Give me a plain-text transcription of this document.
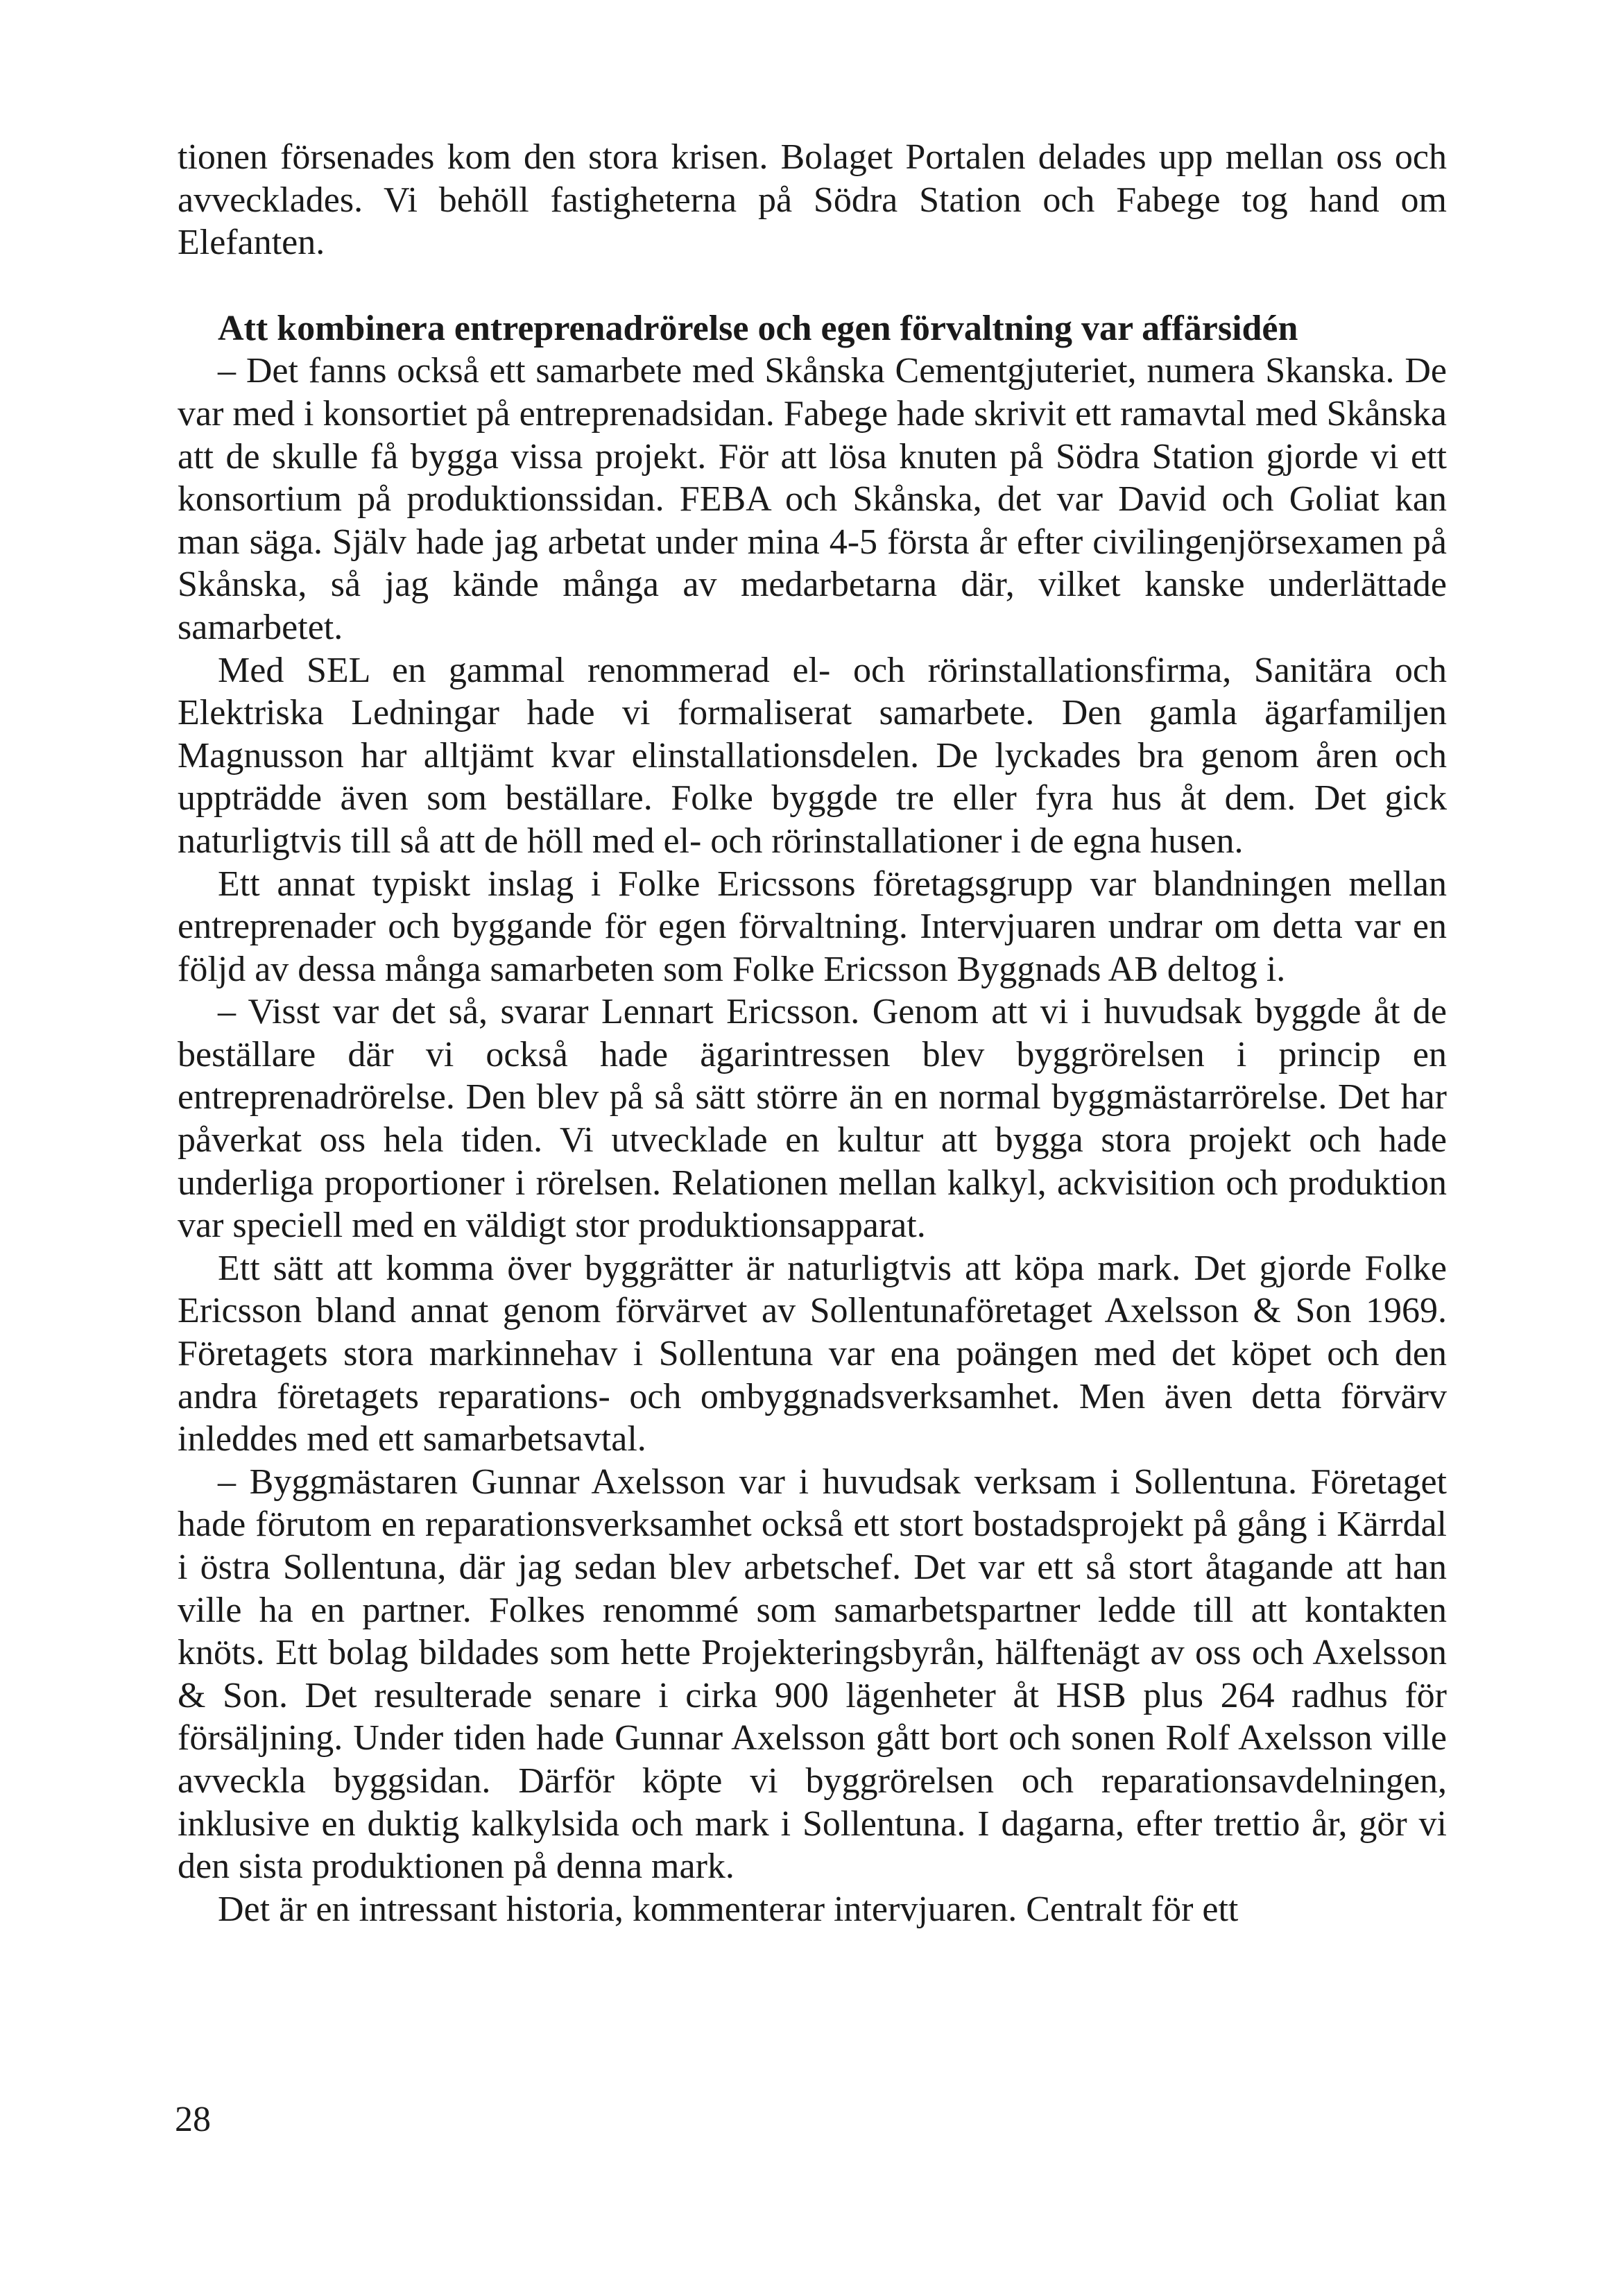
tionen försenades kom den stora krisen. Bolaget Portalen delades upp mellan oss och avvecklades. Vi behöll fastigheterna på Södra Station och Fabege tog hand om Elefanten.

Att kombinera entreprenadrörelse och egen förvaltning var affärsidén

– Det fanns också ett samarbete med Skånska Cementgjuteriet, numera Skanska. De var med i konsortiet på entreprenadsidan. Fabege hade skrivit ett ramavtal med Skånska att de skulle få bygga vissa projekt. För att lösa knuten på Södra Station gjorde vi ett konsortium på produktionssidan. FEBA och Skånska, det var David och Goliat kan man säga. Själv hade jag arbetat under mina 4-5 första år efter civilingenjörsexamen på Skånska, så jag kände många av medarbetarna där, vilket kanske underlättade samarbetet.

Med SEL en gammal renommerad el- och rörinstallationsfirma, Sanitära och Elektriska Ledningar hade vi formaliserat samarbete. Den gamla ägarfamiljen Magnusson har alltjämt kvar elinstallationsdelen. De lyckades bra genom åren och uppträdde även som beställare. Folke byggde tre eller fyra hus åt dem. Det gick naturligtvis till så att de höll med el- och rörinstallationer i de egna husen.

Ett annat typiskt inslag i Folke Ericssons företagsgrupp var blandningen mellan entreprenader och byggande för egen förvaltning. Intervjuaren undrar om detta var en följd av dessa många samarbeten som Folke Ericsson Byggnads AB deltog i.

– Visst var det så, svarar Lennart Ericsson. Genom att vi i huvudsak byggde åt de beställare där vi också hade ägarintressen blev byggrörelsen i princip en entreprenadrörelse. Den blev på så sätt större än en normal byggmästarrörelse. Det har påverkat oss hela tiden. Vi utvecklade en kultur att bygga stora projekt och hade underliga proportioner i rörelsen. Relationen mellan kalkyl, ackvisition och produktion var speciell med en väldigt stor produktionsapparat.

Ett sätt att komma över byggrätter är naturligtvis att köpa mark. Det gjorde Folke Ericsson bland annat genom förvärvet av Sollentunaföretaget Axelsson & Son 1969. Företagets stora markinnehav i Sollentuna var ena poängen med det köpet och den andra företagets reparations- och ombyggnadsverksamhet. Men även detta förvärv inleddes med ett samarbetsavtal.

– Byggmästaren Gunnar Axelsson var i huvudsak verksam i Sollentuna. Företaget hade förutom en reparationsverksamhet också ett stort bostadsprojekt på gång i Kärrdal i östra Sollentuna, där jag sedan blev arbetschef. Det var ett så stort åtagande att han ville ha en partner. Folkes renommé som samarbetspartner ledde till att kontakten knöts. Ett bolag bildades som hette Projekteringsbyrån, hälftenägt av oss och Axelsson & Son. Det resulterade senare i cirka 900 lägenheter åt HSB plus 264 radhus för försäljning. Under tiden hade Gunnar Axelsson gått bort och sonen Rolf Axelsson ville avveckla byggsidan. Därför köpte vi byggrörelsen och reparationsavdelningen, inklusive en duktig kalkylsida och mark i Sollentuna. I dagarna, efter trettio år, gör vi den sista produktionen på denna mark.

Det är en intressant historia, kommenterar intervjuaren. Centralt för ett

28
